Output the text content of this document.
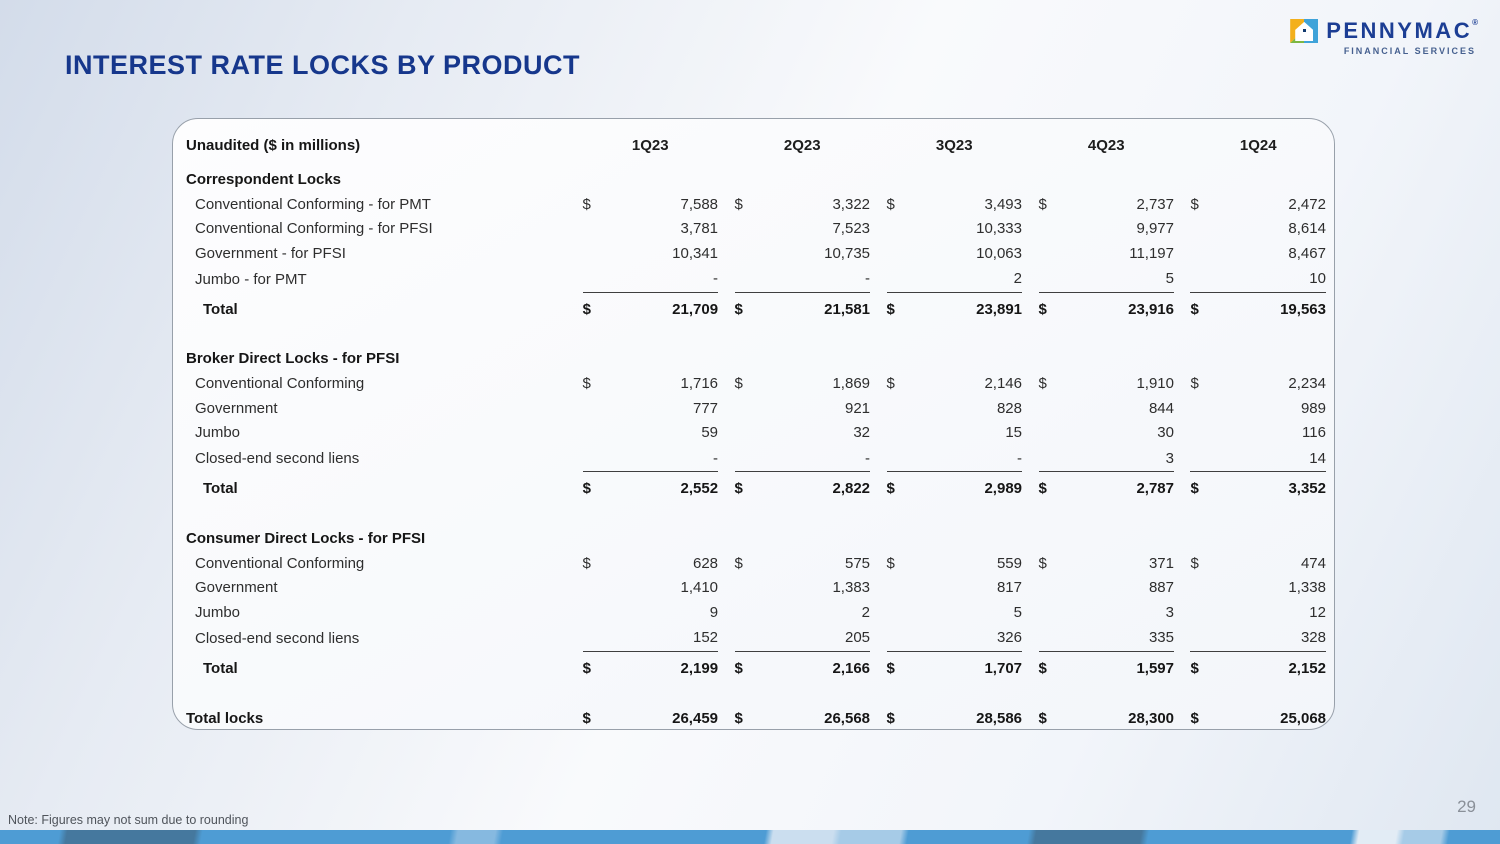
INTEREST RATE LOCKS BY PRODUCT
PENNYMAC®
FINANCIAL SERVICES
Unaudited ($ in millions)	1Q23	2Q23	3Q23	4Q23	1Q24
Correspondent Locks
Conventional Conforming - for PMT	$	7,588 $	3,322 $	3,493 $	2,737 $	2,472
Conventional Conforming - for PFSI	3,781	7,523	10,333	9,977	8,614
Government - for PFSI	10,341	10,735	10,063	11,197	8,467
Jumbo - for PMT	-	-	2	5	10
Total	$	21,709 $	21,581 $	23,891 $	23,916 $	19,563
Broker Direct Locks - for PFSI
Conventional Conforming	$	1,716 $	1,869 $	2,146 $	1,910 $	2,234
Government	777	921	828	844	989
Jumbo	59	32	15	30	116
Closed-end second liens	-	-	-	3	14
Total	$	2,552 $	2,822 $	2,989 $	2,787 $	3,352
Consumer Direct Locks - for PFSI
Conventional Conforming	$	628 $	575 $	559 $	371 $	474
Government	1,410	1,383	817	887	1,338
Jumbo	9	2	5	3	12
Closed-end second liens	152	205	326	335	328
Total	$	2,199 $	2,166 $	1,707 $	1,597 $	2,152
Total locks	$	26,459 $	26,568 $	28,586 $	28,300 $	25,068
Note: Figures may not sum due to rounding
29
